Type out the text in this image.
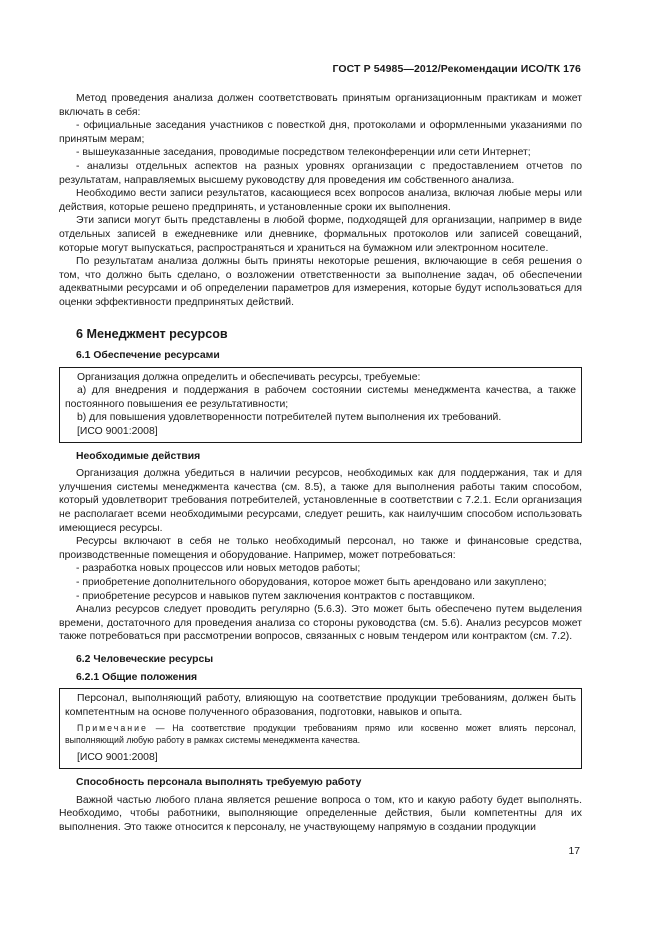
ГОСТ Р 54985—2012/Рекомендации ИСО/ТК 176

Метод проведения анализа должен соответствовать принятым организационным практикам и может включать в себя:

- официальные заседания участников с повесткой дня, протоколами и оформленными указаниями по принятым мерам;

- вышеуказанные заседания, проводимые посредством телеконференции или сети Интернет;

- анализы отдельных аспектов на разных уровнях организации с предоставлением отчетов по результатам, направляемых высшему руководству для проведения им собственного анализа.

Необходимо вести записи результатов, касающиеся всех вопросов анализа, включая любые меры или действия, которые решено предпринять, и установленные сроки их выполнения.

Эти записи могут быть представлены в любой форме, подходящей для организации, например в виде отдельных записей в ежедневнике или дневнике, формальных протоколов или записей совещаний, которые могут выпускаться, распространяться и храниться на бумажном или электронном носителе.

По результатам анализа должны быть приняты некоторые решения, включающие в себя решения о том, что должно быть сделано, о возложении ответственности за выполнение задач, об обеспечении адекватными ресурсами и об определении параметров для измерения, которые будут использоваться для оценки эффективности предпринятых действий.

6 Менеджмент ресурсов
6.1 Обеспечение ресурсами

Организация должна определить и обеспечивать ресурсы, требуемые:

а) для внедрения и поддержания в рабочем состоянии системы менеджмента качества, а также постоянного повышения ее результативности;

b) для повышения удовлетворенности потребителей путем выполнения их требований.

[ИСО 9001:2008]

Необходимые действия

Организация должна убедиться в наличии ресурсов, необходимых как для поддержания, так и для улучшения системы менеджмента качества (см. 8.5), а также для выполнения работы таким способом, который удовлетворит требования потребителей, установленные в соответствии с 7.2.1. Если организация не располагает всеми необходимыми ресурсами, следует решить, как наилучшим способом использовать имеющиеся ресурсы.

Ресурсы включают в себя не только необходимый персонал, но также и финансовые средства, производственные помещения и оборудование. Например, может потребоваться:

- разработка новых процессов или новых методов работы;

- приобретение дополнительного оборудования, которое может быть арендовано или закуплено;

- приобретение ресурсов и навыков путем заключения контрактов с поставщиком.

Анализ ресурсов следует проводить регулярно (5.6.3). Это может быть обеспечено путем выделения времени, достаточного для проведения анализа со стороны руководства (см. 5.6). Анализ ресурсов может также потребоваться при рассмотрении вопросов, связанных с новым тендером или контрактом (см. 7.2).

6.2 Человеческие ресурсы
6.2.1 Общие положения

Персонал, выполняющий работу, влияющую на соответствие продукции требованиям, должен быть компетентным на основе полученного образования, подготовки, навыков и опыта.

Примечание — На соответствие продукции требованиям прямо или косвенно может влиять персонал, выполняющий любую работу в рамках системы менеджмента качества.

[ИСО 9001:2008]

Способность персонала выполнять требуемую работу

Важной частью любого плана является решение вопроса о том, кто и какую работу будет выполнять. Необходимо, чтобы работники, выполняющие определенные действия, были компетентны для их выполнения. Это также относится к персоналу, не участвующему напрямую в создании продукции

17
